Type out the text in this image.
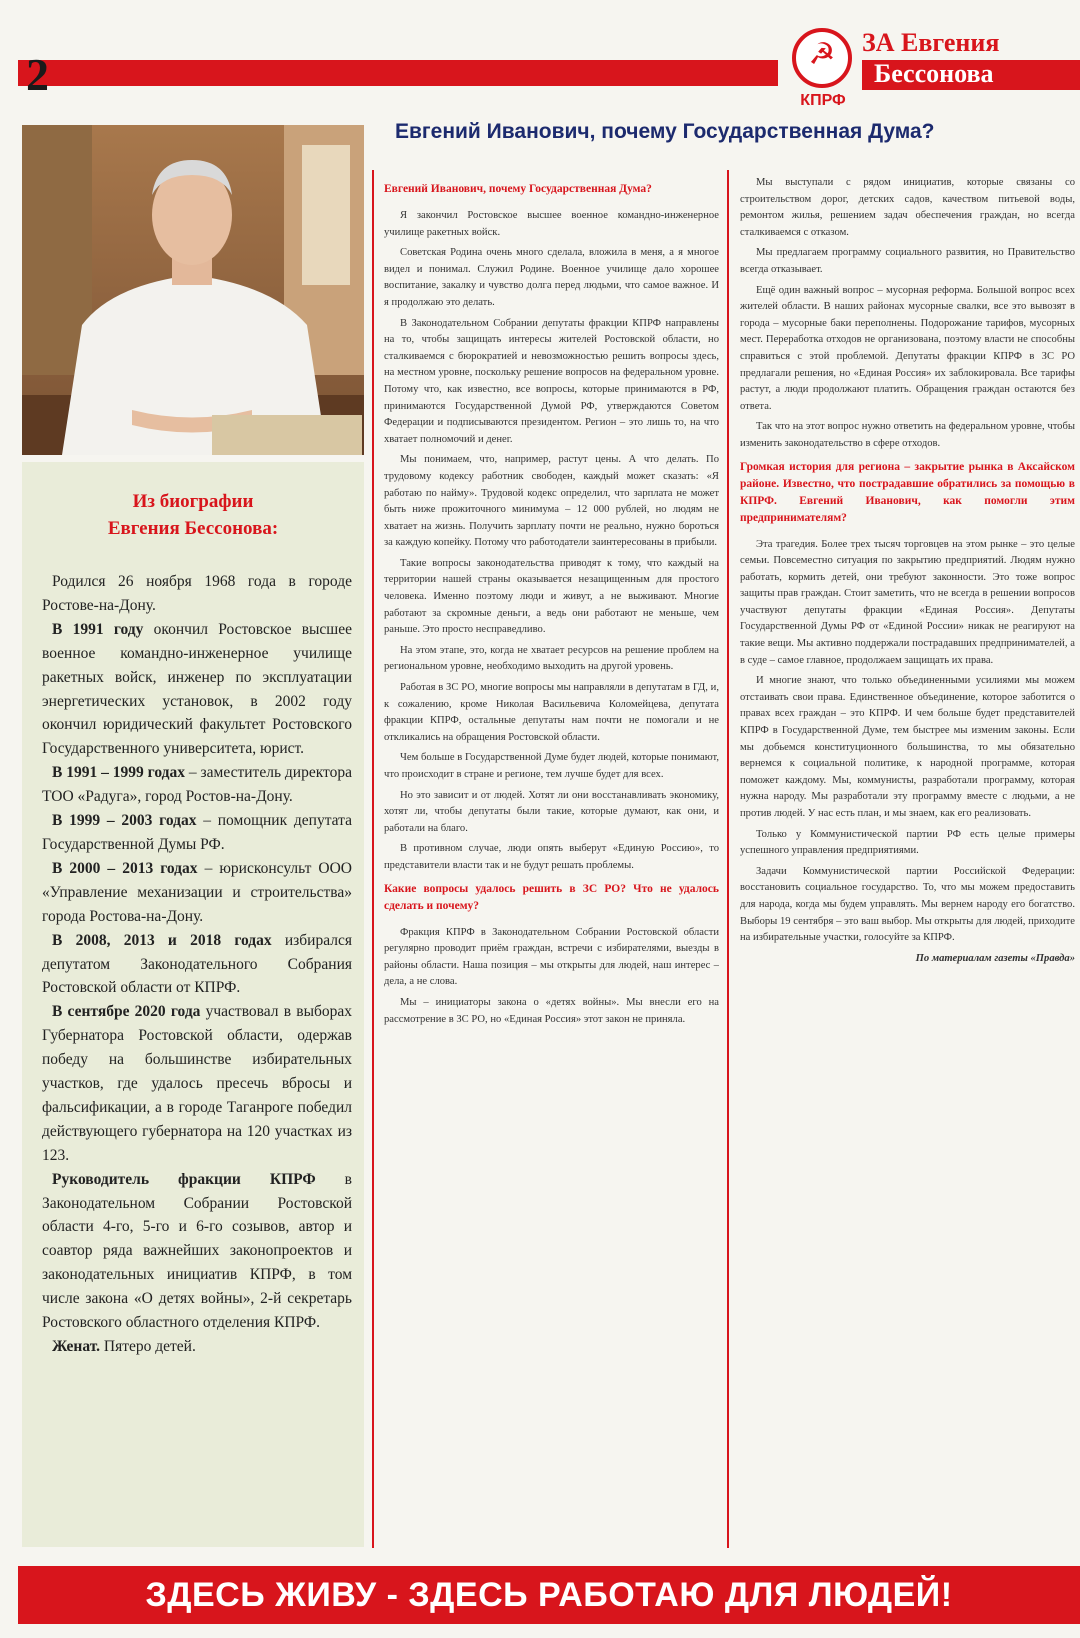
2	☭
КПРФ
ЗА Евгения
Бессонова
Из биографии
Евгения Бессонова:

Родился 26 ноября 1968 года в городе Ростове-на-Дону.

В 1991 году окончил Ростовское высшее военное командно-инженерное училище ракетных войск, инженер по эксплуатации энергетических установок, в 2002 году окончил юридический факультет Ростовского Государственного университета, юрист.

В 1991 – 1999 годах – заместитель директора ТОО «Радуга», город Ростов-на-Дону.

В 1999 – 2003 годах – помощник депутата Государственной Думы РФ.

В 2000 – 2013 годах – юрисконсульт ООО «Управление механизации и строительства» города Ростова-на-Дону.

В 2008, 2013 и 2018 годах избирался депутатом Законодательного Собрания Ростовской области от КПРФ.

В сентябре 2020 года участвовал в выборах Губернатора Ростовской области, одержав победу на большинстве избирательных участков, где удалось пресечь вбросы и фальсификации, а в городе Таганроге победил действующего губернатора на 120 участках из 123.

Руководитель фракции КПРФ в Законодательном Собрании Ростовской области 4-го, 5-го и 6-го созывов, автор и соавтор ряда важнейших законопроектов и законодательных инициатив КПРФ, в том числе закона «О детях войны», 2-й секретарь Ростовского областного отделения КПРФ.

Женат. Пятеро детей.

Евгений Иванович, почему Государственная Дума?

Евгений Иванович, почему Государственная Дума?

Я закончил Ростовское высшее военное командно-инженерное училище ракетных войск.

Советская Родина очень много сделала, вложила в меня, а я многое видел и понимал. Служил Родине. Военное училище дало хорошее воспитание, закалку и чувство долга перед людьми, что самое важное. И я продолжаю это делать.

В Законодательном Собрании депутаты фракции КПРФ направлены на то, чтобы защищать интересы жителей Ростовской области, но сталкиваемся с бюрократией и невозможностью решить вопросы здесь, на местном уровне, поскольку решение вопросов на федеральном уровне. Потому что, как известно, все вопросы, которые принимаются в РФ, принимаются Государственной Думой РФ, утверждаются Советом Федерации и подписываются президентом. Регион – это лишь то, на что хватает полномочий и денег.

Мы понимаем, что, например, растут цены. А что делать. По трудовому кодексу работник свободен, каждый может сказать: «Я работаю по найму». Трудовой кодекс определил, что зарплата не может быть ниже прожиточного минимума – 12 000 рублей, но людям не хватает на жизнь. Получить зарплату почти не реально, нужно бороться за каждую копейку. Потому что работодатели заинтересованы в прибыли.

Такие вопросы законодательства приводят к тому, что каждый на территории нашей страны оказывается незащищенным для простого человека. Именно поэтому люди и живут, а не выживают. Многие работают за скромные деньги, а ведь они работают не меньше, чем раньше. Это просто несправедливо.

На этом этапе, это, когда не хватает ресурсов на решение проблем на региональном уровне, необходимо выходить на другой уровень.

Работая в ЗС РО, многие вопросы мы направляли в депутатам в ГД, и, к сожалению, кроме Николая Васильевича Коломейцева, депутата фракции КПРФ, остальные депутаты нам почти не помогали и не откликались на обращения Ростовской области.

Чем больше в Государственной Думе будет людей, которые понимают, что происходит в стране и регионе, тем лучше будет для всех.

Но это зависит и от людей. Хотят ли они восстанавливать экономику, хотят ли, чтобы депутаты были такие, которые думают, как они, и работали на благо.

В противном случае, люди опять выберут «Единую Россию», то представители власти так и не будут решать проблемы.

Какие вопросы удалось решить в ЗС РО? Что не удалось сделать и почему?

Фракция КПРФ в Законодательном Собрании Ростовской области регулярно проводит приём граждан, встречи с избирателями, выезды в районы области. Наша позиция – мы открыты для людей, наш интерес – дела, а не слова.

Мы – инициаторы закона о «детях войны». Мы внесли его на рассмотрение в ЗС РО, но «Единая Россия» этот закон не приняла.

Мы выступали с рядом инициатив, которые связаны со строительством дорог, детских садов, качеством питьевой воды, ремонтом жилья, решением задач обеспечения граждан, но всегда сталкиваемся с отказом.

Мы предлагаем программу социального развития, но Правительство всегда отказывает.

Ещё один важный вопрос – мусорная реформа. Большой вопрос всех жителей области. В наших районах мусорные свалки, все это вывозят в города – мусорные баки переполнены. Подорожание тарифов, мусорных мест. Переработка отходов не организована, поэтому власти не способны справиться с этой проблемой. Депутаты фракции КПРФ в ЗС РО предлагали решения, но «Единая Россия» их заблокировала. Все тарифы растут, а люди продолжают платить. Обращения граждан остаются без ответа.

Так что на этот вопрос нужно ответить на федеральном уровне, чтобы изменить законодательство в сфере отходов.

Громкая история для региона – закрытие рынка в Аксайском районе. Известно, что пострадавшие обратились за помощью в КПРФ. Евгений Иванович, как помогли этим предпринимателям?

Эта трагедия. Более трех тысяч торговцев на этом рынке – это целые семьи. Повсеместно ситуация по закрытию предприятий. Людям нужно работать, кормить детей, они требуют законности. Это тоже вопрос защиты прав граждан. Стоит заметить, что не всегда в решении вопросов участвуют депутаты фракции «Единая Россия». Депутаты Государственной Думы РФ от «Единой России» никак не реагируют на такие вещи. Мы активно поддержали пострадавших предпринимателей, а в суде – самое главное, продолжаем защищать их права.

И многие знают, что только объединенными усилиями мы можем отстаивать свои права. Единственное объединение, которое заботится о правах всех граждан – это КПРФ. И чем больше будет представителей КПРФ в Государственной Думе, тем быстрее мы изменим законы. Если мы добьемся конституционного большинства, то мы обязательно вернемся к социальной политике, к народной программе, которая поможет каждому. Мы, коммунисты, разработали программу, которая нужна народу. Мы разработали эту программу вместе с людьми, а не против людей. У нас есть план, и мы знаем, как его реализовать.

Только у Коммунистической партии РФ есть целые примеры успешного управления предприятиями.

Задачи Коммунистической партии Российской Федерации: восстановить социальное государство. То, что мы можем предоставить для народа, когда мы будем управлять. Мы вернем народу его богатство. Выборы 19 сентября – это ваш выбор. Мы открыты для людей, приходите на избирательные участки, голосуйте за КПРФ.

По материалам газеты «Правда»

ЗДЕСЬ ЖИВУ - ЗДЕСЬ РАБОТАЮ ДЛЯ ЛЮДЕЙ!
